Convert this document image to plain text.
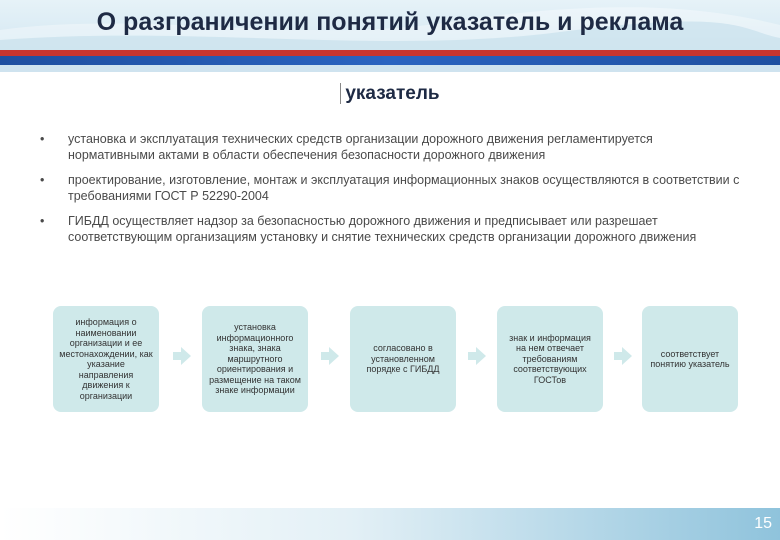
О разграничении понятий указатель и реклама
указатель
• установка и эксплуатация технических средств организации дорожного движения регламентируется нормативными актами в области обеспечения безопасности дорожного движения
• проектирование, изготовление, монтаж и эксплуатация информационных знаков осуществляются в соответствии с требованиями ГОСТ Р 52290-2004
• ГИБДД осуществляет надзор за безопасностью дорожного движения и предписывает или разрешает соответствующим организациям установку и снятие технических средств организации дорожного движения
информация о наименовании организации и ее местонахождении, как указание направления движения к организации
установка информационного знака, знака маршрутного ориентирования и размещение на таком знаке информации
согласовано в установленном порядке с ГИБДД
знак и информация на нем отвечает требованиям соответствующих ГОСТов
соответствует понятию указатель
15
